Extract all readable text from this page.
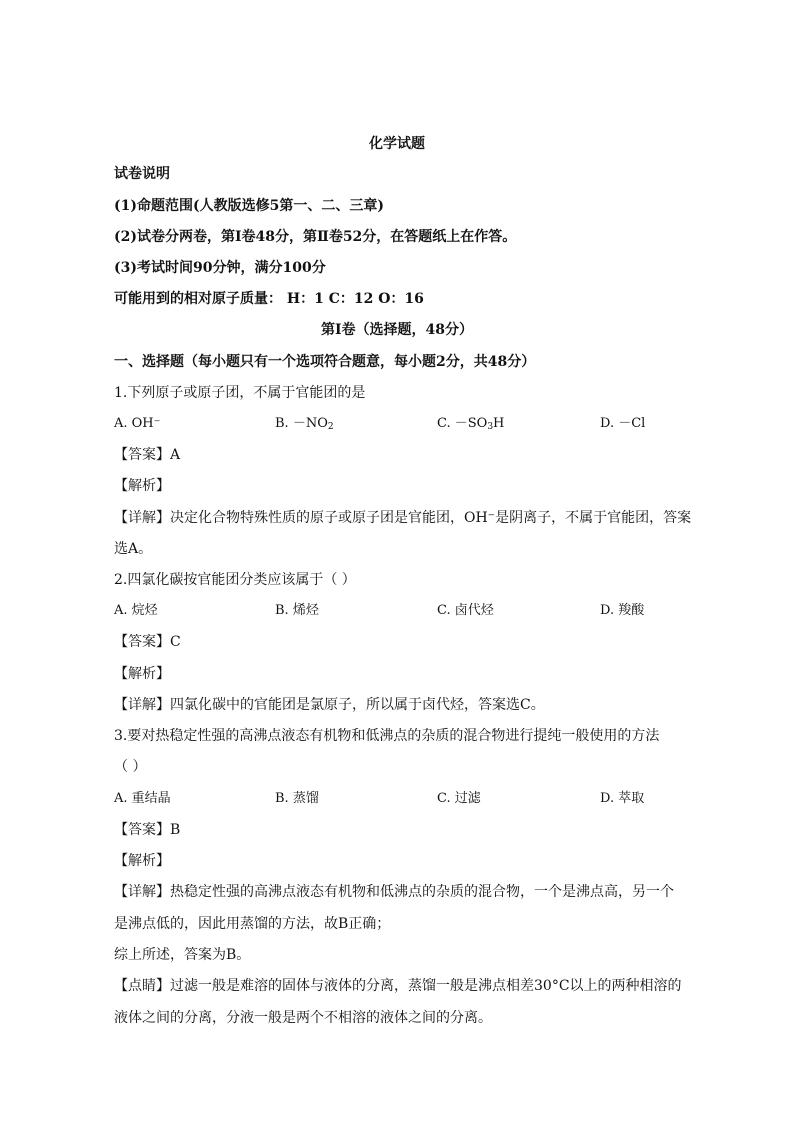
化学试题
试卷说明
(1)命题范围(人教版选修5第一、二、三章)
(2)试卷分两卷，第Ⅰ卷48分，第Ⅱ卷52分，在答题纸上在作答。
(3)考试时间90分钟，满分100分
可能用到的相对原子质量： H：1 C：12 O：16
第Ⅰ卷（选择题，48分）
一、选择题（每小题只有一个选项符合题意，每小题2分，共48分）
1.下列原子或原子团，不属于官能团的是
A. OH⁻	B. $-NO_2$	C. $-SO_3H$	D. －Cl
【答案】A
【解析】
【详解】决定化合物特殊性质的原子或原子团是官能团，OH⁻是阴离子，不属于官能团，答案
选A。
2.四氯化碳按官能团分类应该属于（ ）
A. 烷烃	B. 烯烃	C. 卤代烃	D. 羧酸
【答案】C
【解析】
【详解】四氯化碳中的官能团是氯原子，所以属于卤代烃，答案选C。
3.要对热稳定性强的高沸点液态有机物和低沸点的杂质的混合物进行提纯一般使用的方法
（ ）
A. 重结晶	B. 蒸馏	C. 过滤	D. 萃取
【答案】B
【解析】
【详解】热稳定性强的高沸点液态有机物和低沸点的杂质的混合物，一个是沸点高，另一个
是沸点低的，因此用蒸馏的方法，故B正确；
综上所述，答案为B。
【点睛】过滤一般是难溶的固体与液体的分离，蒸馏一般是沸点相差30°C以上的两种相溶的
液体之间的分离，分液一般是两个不相溶的液体之间的分离。
